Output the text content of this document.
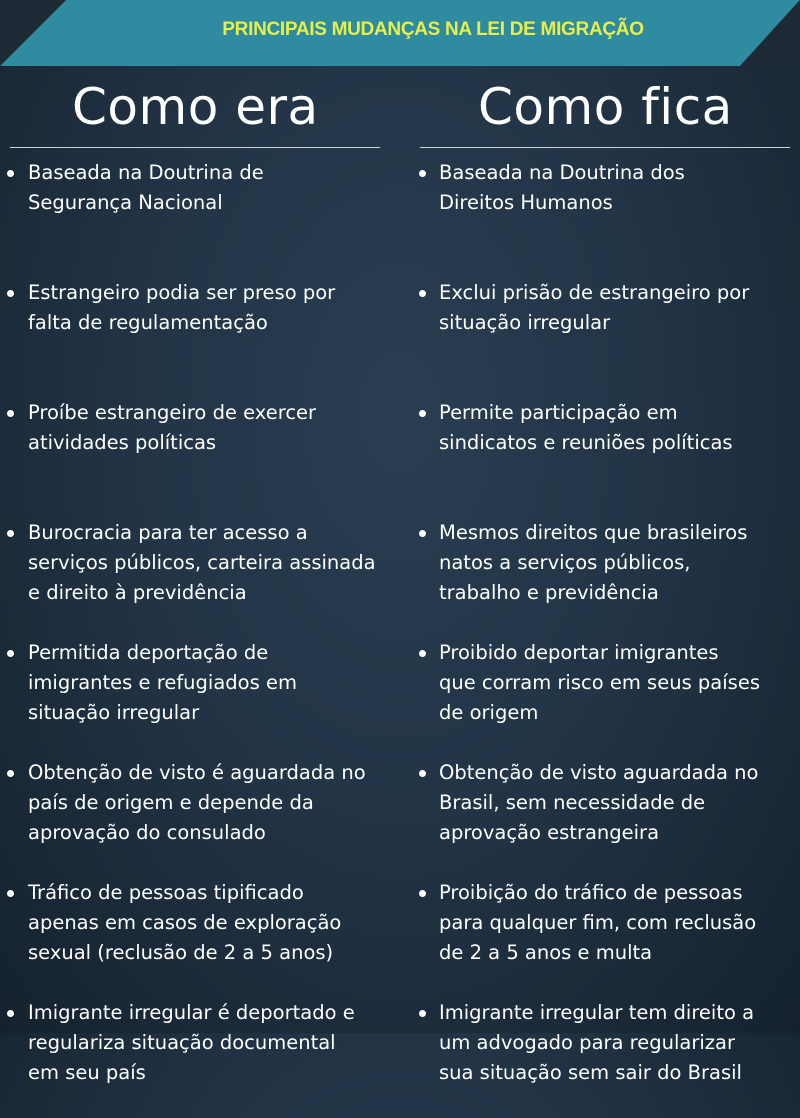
PRINCIPAIS MUDANÇAS NA LEI DE MIGRAÇÃO
Como era
Baseada na Doutrina de
Segurança Nacional
Estrangeiro podia ser preso por
falta de regulamentação
Proíbe estrangeiro de exercer
atividades políticas
Burocracia para ter acesso a
serviços públicos, carteira assinada
e direito à previdência
Permitida deportação de
imigrantes e refugiados em
situação irregular
Obtenção de visto é aguardada no
país de origem e depende da
aprovação do consulado
Tráfico de pessoas tipificado
apenas em casos de exploração
sexual (reclusão de 2 a 5 anos)
Imigrante irregular é deportado e
regulariza situação documental
em seu país
Como fica
Baseada na Doutrina dos
Direitos Humanos
Exclui prisão de estrangeiro por
situação irregular
Permite participação em
sindicatos e reuniões políticas
Mesmos direitos que brasileiros
natos a serviços públicos,
trabalho e previdência
Proibido deportar imigrantes
que corram risco em seus países
de origem
Obtenção de visto aguardada no
Brasil, sem necessidade de
aprovação estrangeira
Proibição do tráfico de pessoas
para qualquer fim, com reclusão
de 2 a 5 anos e multa
Imigrante irregular tem direito a
um advogado para regularizar
sua situação sem sair do Brasil
